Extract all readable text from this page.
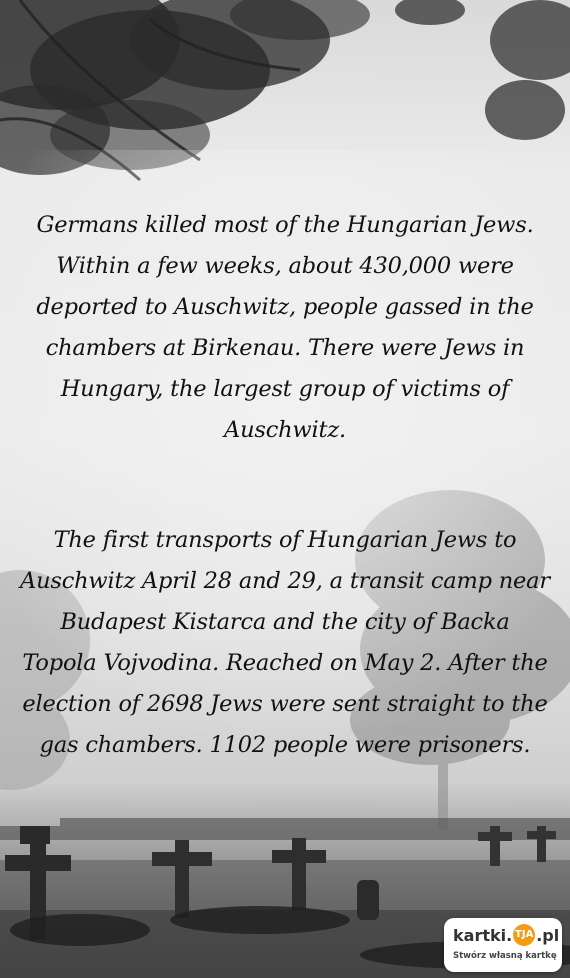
Germans killed most of the Hungarian Jews. Within a few weeks, about 430,000 were deported to Auschwitz, people gassed in the chambers at Birkenau. There were Jews in Hungary, the largest group of victims of Auschwitz.
The first transports of Hungarian Jews to Auschwitz April 28 and 29, a transit camp near Budapest Kistarca and the city of Backa Topola Vojvodina. Reached on May 2. After the election of 2698 Jews were sent straight to the gas chambers. 1102 people were prisoners.
kartki. TJA .pl
Stwórz własną kartkę
